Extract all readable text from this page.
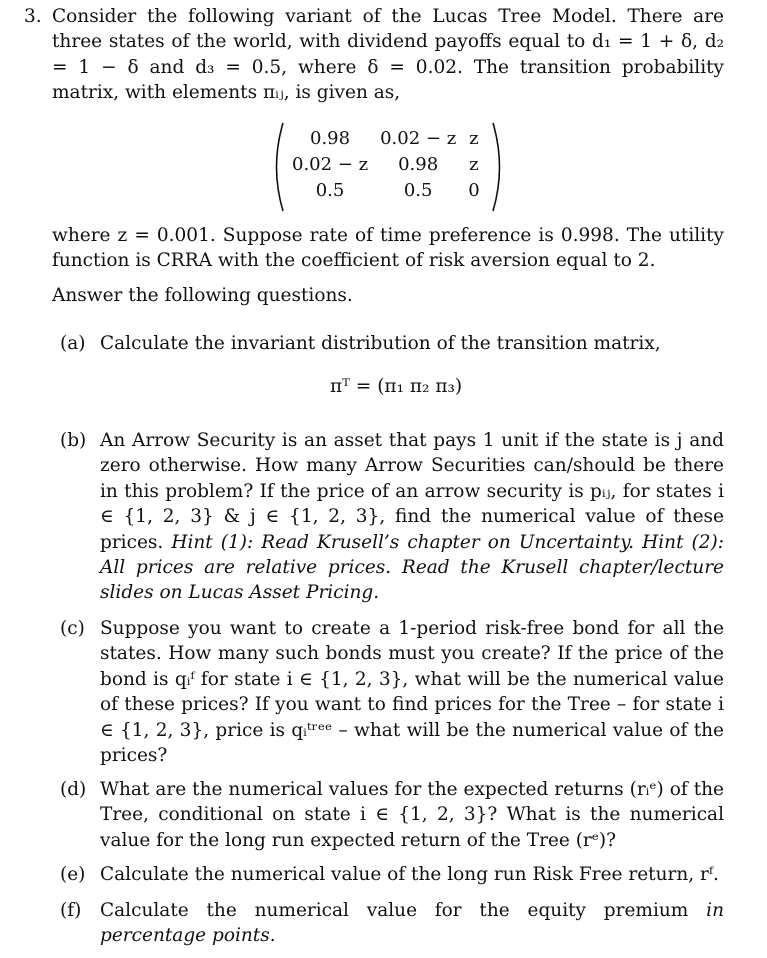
3. Consider the following variant of the Lucas Tree Model. There are three states of the world, with dividend payoffs equal to d₁ = 1 + δ, d₂ = 1 − δ and d₃ = 0.5, where δ = 0.02. The transition probability matrix, with elements πᵢⱼ, is given as,
0.98	0.02 − z	z
0.02 − z	0.98	z
0.5	0.5	0
where z = 0.001. Suppose rate of time preference is 0.998. The utility function is CRRA with the coefficient of risk aversion equal to 2.
Answer the following questions.
(a) Calculate the invariant distribution of the transition matrix,
πᵀ = (π₁ π₂ π₃)
(b) An Arrow Security is an asset that pays 1 unit if the state is j and zero otherwise. How many Arrow Securities can/should be there in this problem? If the price of an arrow security is pᵢⱼ, for states i ∈ {1, 2, 3} & j ∈ {1, 2, 3}, find the numerical value of these prices. Hint (1): Read Krusell’s chapter on Uncertainty. Hint (2): All prices are relative prices. Read the Krusell chapter/lecture slides on Lucas Asset Pricing.
(c) Suppose you want to create a 1-period risk-free bond for all the states. How many such bonds must you create? If the price of the bond is qᵢᶠ for state i ∈ {1, 2, 3}, what will be the numerical value of these prices? If you want to find prices for the Tree – for state i ∈ {1, 2, 3}, price is qᵢᵗʳᵉᵉ – what will be the numerical value of the prices?
(d) What are the numerical values for the expected returns (rᵢᵉ) of the Tree, conditional on state i ∈ {1, 2, 3}? What is the numerical value for the long run expected return of the Tree (rᵉ)?
(e) Calculate the numerical value of the long run Risk Free return, rᶠ.
(f) Calculate the numerical value for the equity premium in percentage points.
